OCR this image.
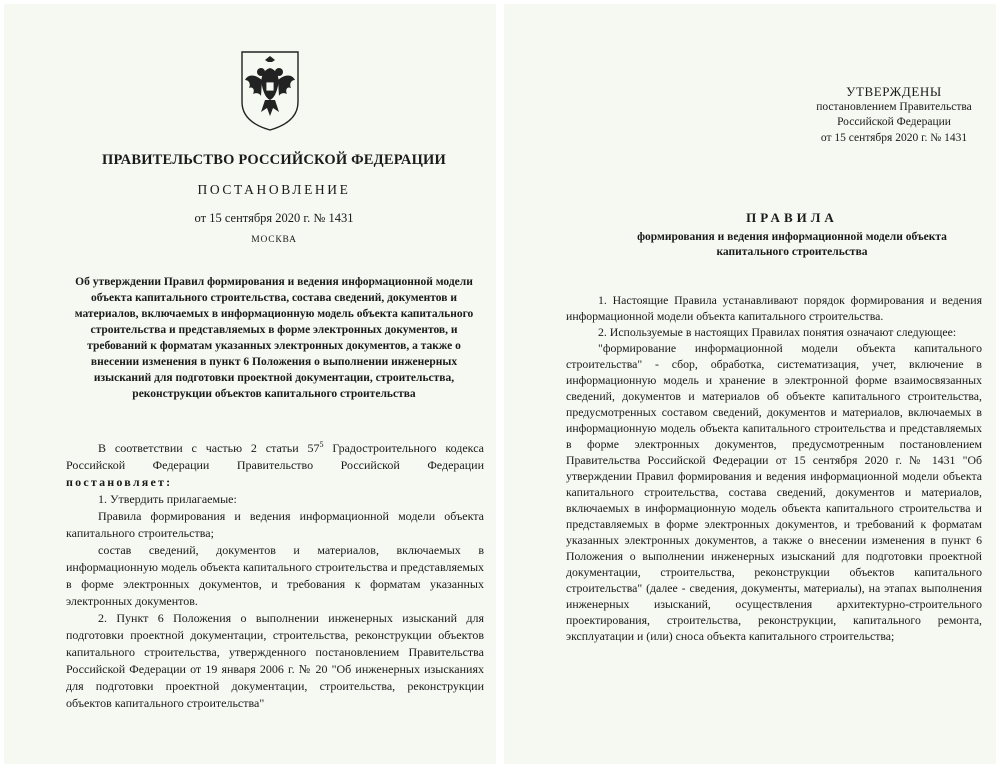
ПРАВИТЕЛЬСТВО РОССИЙСКОЙ ФЕДЕРАЦИИ
ПОСТАНОВЛЕНИЕ
от 15 сентября 2020 г. № 1431
МОСКВА

Об утверждении Правил формирования и ведения информационной модели объекта капитального строительства, состава сведений, документов и материалов, включаемых в информационную модель объекта капитального строительства и представляемых в форме электронных документов, и требований к форматам указанных электронных документов, а также о внесении изменения в пункт 6 Положения о выполнении инженерных изысканий для подготовки проектной документации, строительства, реконструкции объектов капитального строительства

В соответствии с частью 2 статьи $57^5$ Градостроительного кодекса Российской Федерации Правительство Российской Федерации постановляет:

1. Утвердить прилагаемые:

Правила формирования и ведения информационной модели объекта капитального строительства;

состав сведений, документов и материалов, включаемых в информационную модель объекта капитального строительства и представляемых в форме электронных документов, и требования к форматам указанных электронных документов.

2. Пункт 6 Положения о выполнении инженерных изысканий для подготовки проектной документации, строительства, реконструкции объектов капитального строительства, утвержденного постановлением Правительства Российской Федерации от 19 января 2006 г. № 20 "Об инженерных изысканиях для подготовки проектной документации, строительства, реконструкции объектов капитального строительства"

УТВЕРЖДЕНЫ
постановлением Правительства
Российской Федерации
от 15 сентября 2020 г. № 1431
ПРАВИЛА

формирования и ведения информационной модели объекта капитального строительства

1. Настоящие Правила устанавливают порядок формирования и ведения информационной модели объекта капитального строительства.

2. Используемые в настоящих Правилах понятия означают следующее:

"формирование информационной модели объекта капитального строительства" - сбор, обработка, систематизация, учет, включение в информационную модель и хранение в электронной форме взаимосвязанных сведений, документов и материалов об объекте капитального строительства, предусмотренных составом сведений, документов и материалов, включаемых в информационную модель объекта капитального строительства и представляемых в форме электронных документов, предусмотренным постановлением Правительства Российской Федерации от 15 сентября 2020 г. № 1431 "Об утверждении Правил формирования и ведения информационной модели объекта капитального строительства, состава сведений, документов и материалов, включаемых в информационную модель объекта капитального строительства и представляемых в форме электронных документов, и требований к форматам указанных электронных документов, а также о внесении изменения в пункт 6 Положения о выполнении инженерных изысканий для подготовки проектной документации, строительства, реконструкции объектов капитального строительства" (далее - сведения, документы, материалы), на этапах выполнения инженерных изысканий, осуществления архитектурно-строительного проектирования, строительства, реконструкции, капитального ремонта, эксплуатации и (или) сноса объекта капитального строительства;
